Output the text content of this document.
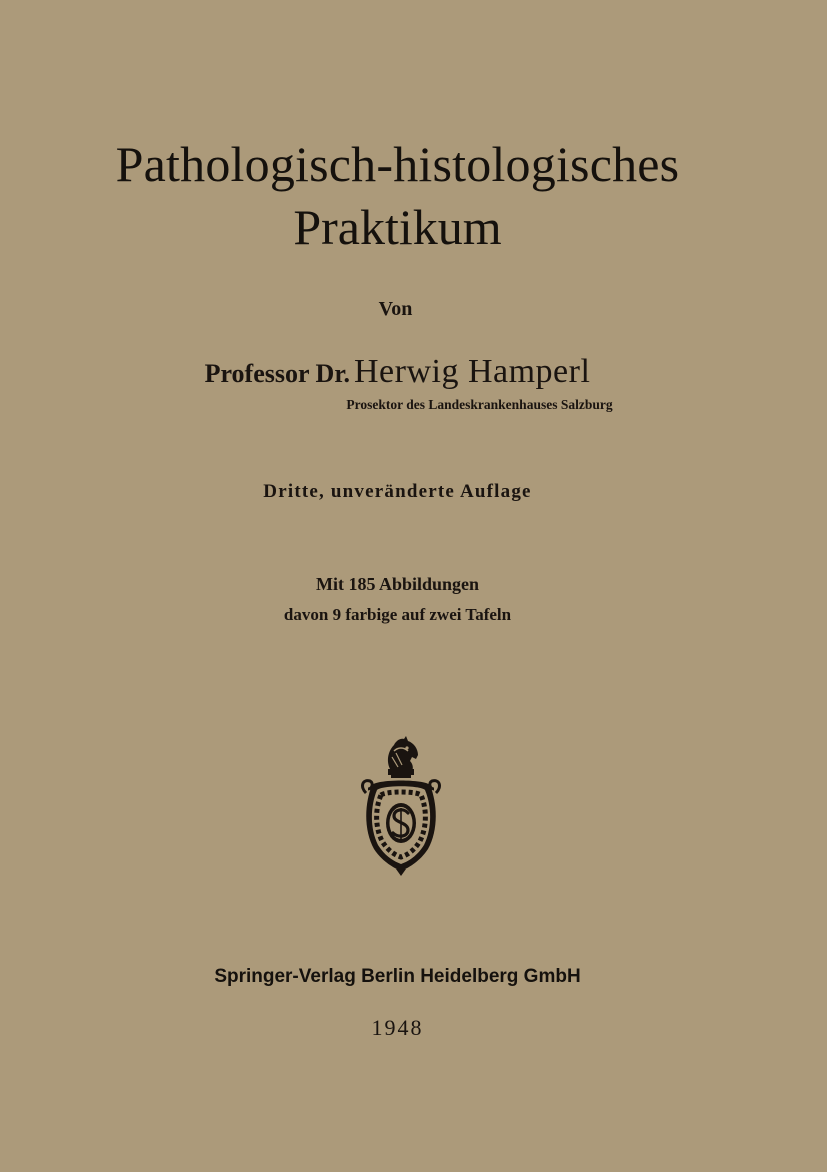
Pathologisch-histologisches
Praktikum
Von
Professor Dr. Herwig Hamperl
Prosektor des Landeskrankenhauses Salzburg
Dritte, unveränderte Auflage
Mit 185 Abbildungen
davon 9 farbige auf zwei Tafeln
Springer-Verlag Berlin Heidelberg GmbH
1948
